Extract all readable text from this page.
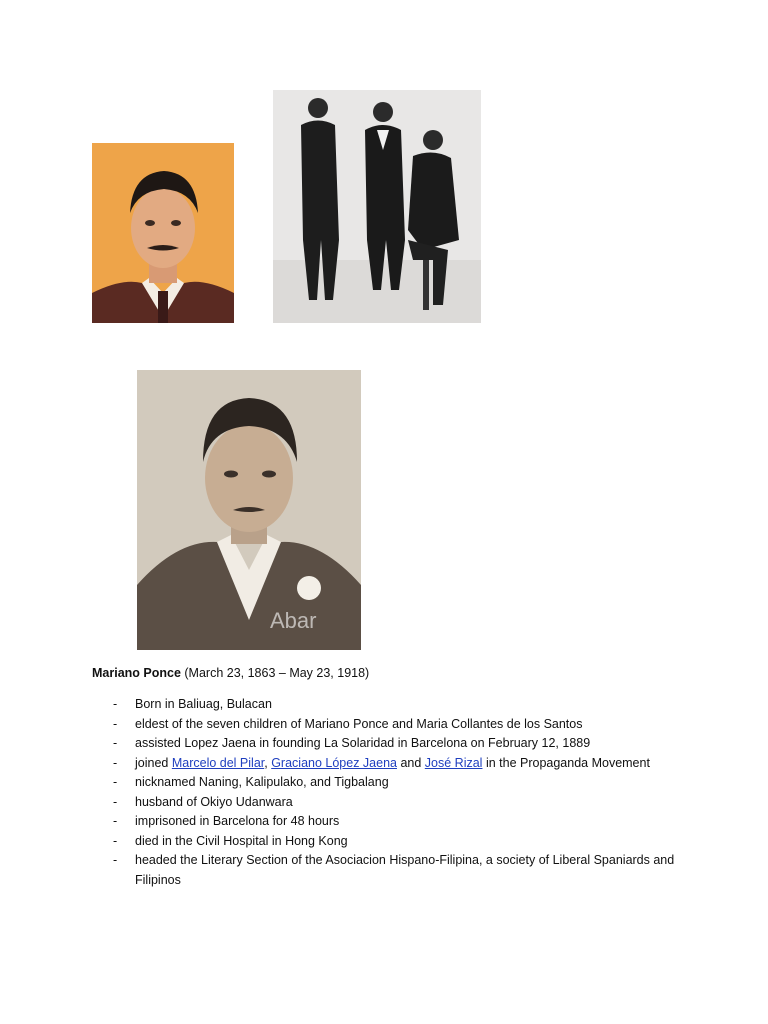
Abar
Mariano Ponce (March 23, 1863 – May 23, 1918)
- Born in Baliuag, Bulacan
- eldest of the seven children of Mariano Ponce and Maria Collantes de los Santos
- assisted Lopez Jaena in founding La Solaridad in Barcelona on February 12, 1889
- joined Marcelo del Pilar, Graciano López Jaena and José Rizal in the Propaganda Movement
- nicknamed Naning, Kalipulako, and Tigbalang
- husband of Okiyo Udanwara
- imprisoned in Barcelona for 48 hours
- died in the Civil Hospital in Hong Kong
- headed the Literary Section of the Asociacion Hispano-Filipina, a society of Liberal Spaniards and Filipinos
